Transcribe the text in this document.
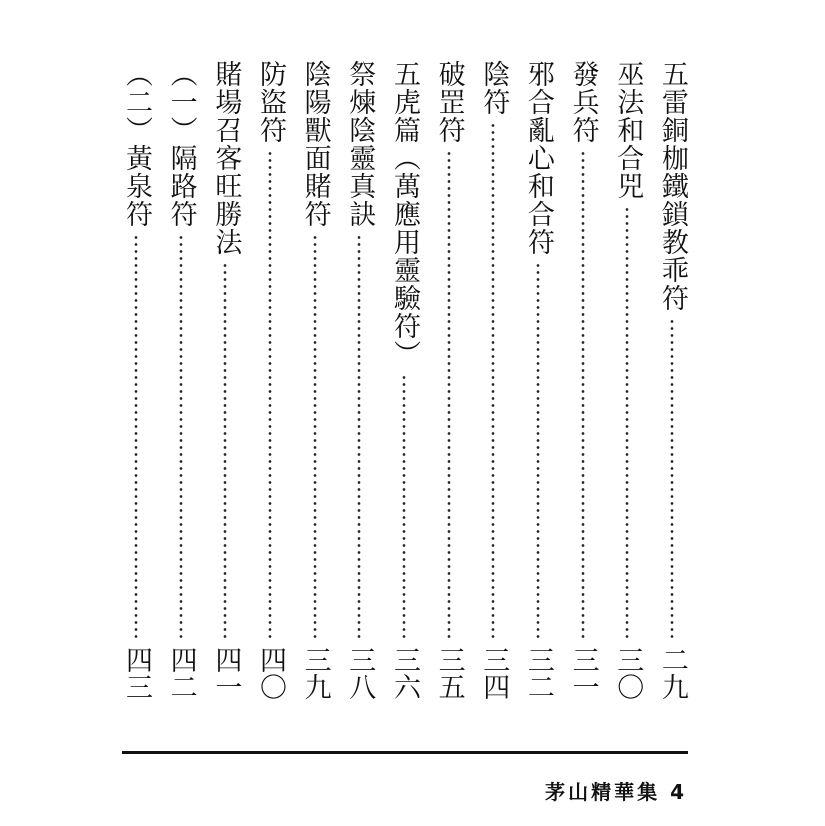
五雷銅枷鐵鎖教乖符
二九
巫法和合兕
三〇
發兵符
三一
邪合亂心和合符
三二
陰符
三四
破罡符
三五
五虎篇︵萬應用靈驗符︶
三六
祭煉陰靈真訣
三八
陰陽獸面賭符
三九
防盜符
四〇
賭場召客旺勝法
四一
︵一︶隔路符
四二
︵二︶黃泉符
四三
茅山精華集 4
